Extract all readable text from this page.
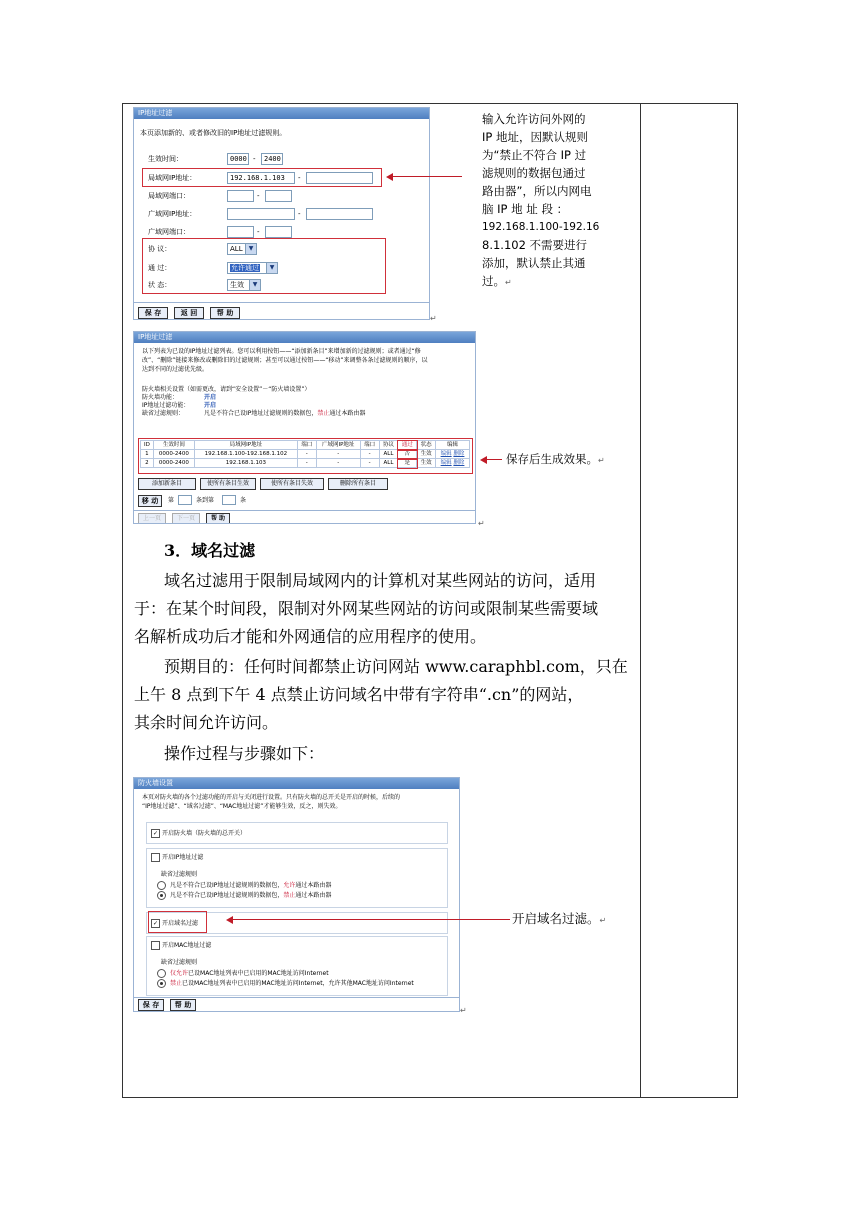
IP地址过滤
本页添加新的、或者修改旧的IP地址过滤规则。
生效时间：	0000 -	2400
局域网IP地址：	192.168.1.103	-
局域网端口：	-
广域网IP地址：	-
广域网端口：	-
协 议：	ALL	▼
通 过：	允许通过	▼
状 态：	生效	▼
保 存	返 回	帮 助
↵
输入允许访问外网的
IP 地址，因默认规则
为“禁止不符合 IP 过
滤规则的数据包通过
路由器”，所以内网电
脑 IP 地 址 段 ：
192.168.1.100-192.16
8.1.102 不需要进行
添加，默认禁止其通
过。↵
IP地址过滤
以下列表为已设的IP地址过滤列表。您可以利用按钮——“添加新条目”来增加新的过滤规则；或者通过“修
改”、“删除”链接来修改或删除旧的过滤规则；甚至可以通过按钮——“移动”来调整各条过滤规则的顺序，以
达到不同的过滤优先级。
防火墙相关设置（如需更改，请到“安全设置”－“防火墙设置”）
防火墙功能：	开启
IP地址过滤功能： 开启
缺省过滤规则：	凡是不符合已设IP地址过滤规则的数据包，禁止通过本路由器
ID	生效时间	局域网IP地址	端口	广域网IP地址	端口	协议	通过	状态	编辑
1	0000-2400	192.168.1.100-192.168.1.102	-	-	-	ALL	否	生效	编辑 删除
2	0000-2400	192.168.1.103	-	-	-	ALL	是	生效	编辑 删除
添加新条目	使所有条目生效	使所有条目失效	删除所有条目
移 动	第	条到第	条
上一页	下一页	帮 助
↵
保存后生成效果。↵
3．域名过滤
域名过滤用于限制局域网内的计算机对某些网站的访问，适用
于：在某个时间段，限制对外网某些网站的访问或限制某些需要域
名解析成功后才能和外网通信的应用程序的使用。
预期目的：任何时间都禁止访问网站 www.caraphbl.com，只在
上午 8 点到下午 4 点禁止访问域名中带有字符串“.cn”的网站，
其余时间允许访问。
操作过程与步骤如下：
防火墙设置
本页对防火墙的各个过滤功能的开启与关闭进行设置。只有防火墙的总开关是开启的时候，后续的
“IP地址过滤”、“域名过滤”、“MAC地址过滤”才能够生效，反之，则失效。
✓ 开启防火墙（防火墙的总开关）
开启IP地址过滤
缺省过滤规则
凡是不符合已设IP地址过滤规则的数据包，允许通过本路由器
凡是不符合已设IP地址过滤规则的数据包，禁止通过本路由器
✓ 开启域名过滤
开启MAC地址过滤
缺省过滤规则
仅允许已设MAC地址列表中已启用的MAC地址访问Internet
禁止已设MAC地址列表中已启用的MAC地址访问Internet，允许其他MAC地址访问Internet
保 存	帮 助
↵
开启域名过滤。↵
